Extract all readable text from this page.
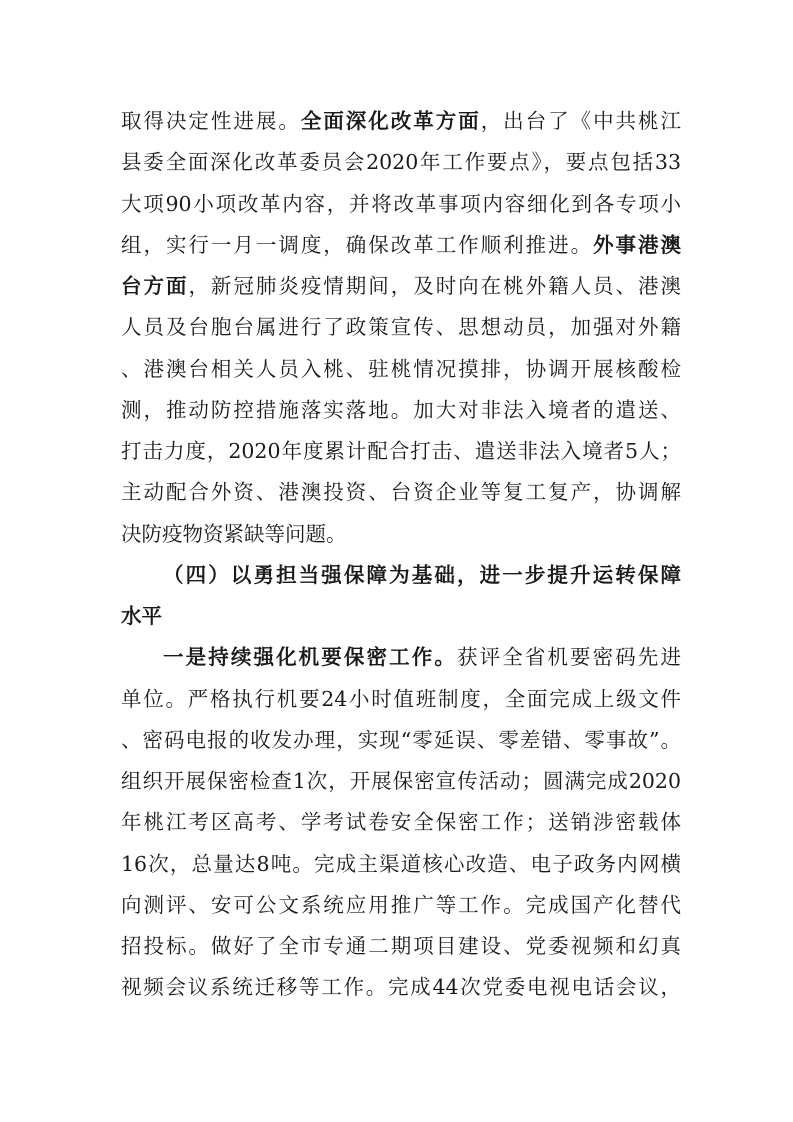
取得决定性进展。全面深化改革方面，出台了《中共桃江
县委全面深化改革委员会2020年工作要点》，要点包括33
大项90小项改革内容，并将改革事项内容细化到各专项小
组，实行一月一调度，确保改革工作顺利推进。外事港澳
台方面，新冠肺炎疫情期间，及时向在桃外籍人员、港澳
人员及台胞台属进行了政策宣传、思想动员，加强对外籍
、港澳台相关人员入桃、驻桃情况摸排，协调开展核酸检
测，推动防控措施落实落地。加大对非法入境者的遣送、
打击力度，2020年度累计配合打击、遣送非法入境者5人；
主动配合外资、港澳投资、台资企业等复工复产，协调解
决防疫物资紧缺等问题。
（四）以勇担当强保障为基础，进一步提升运转保障
水平
一是持续强化机要保密工作。获评全省机要密码先进
单位。严格执行机要24小时值班制度，全面完成上级文件
、密码电报的收发办理，实现“零延误、零差错、零事故”。
组织开展保密检查1次，开展保密宣传活动；圆满完成2020
年桃江考区高考、学考试卷安全保密工作；送销涉密载体
16次，总量达8吨。完成主渠道核心改造、电子政务内网横
向测评、安可公文系统应用推广等工作。完成国产化替代
招投标。做好了全市专通二期项目建设、党委视频和幻真
视频会议系统迁移等工作。完成44次党委电视电话会议，
